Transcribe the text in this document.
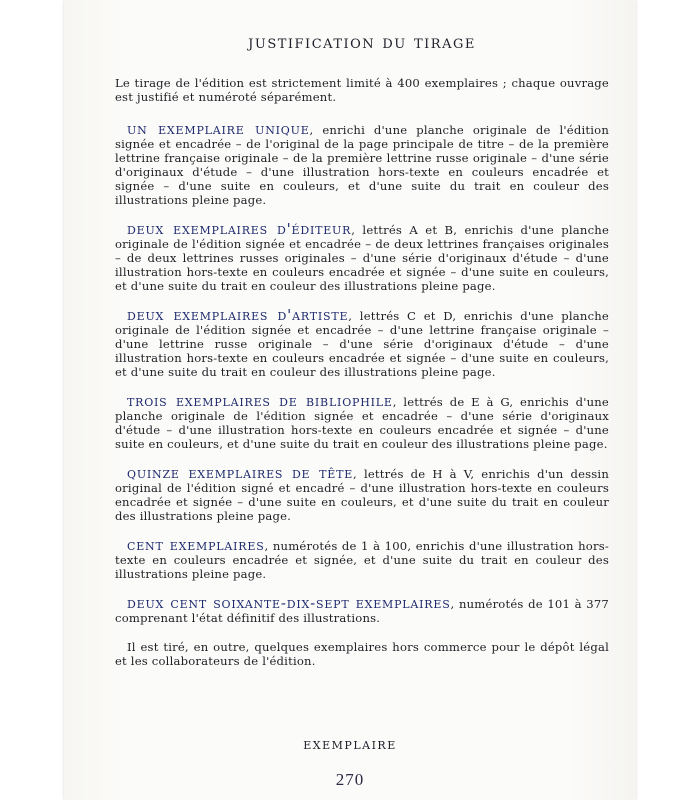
justification du tirage

Le tirage de l'édition est strictement limité à 400 exemplaires ; chaque ouvrage est justifié et numéroté séparément.

un exemplaire unique, enrichi d'une planche originale de l'édition signée et encadrée – de l'original de la page principale de titre – de la première lettrine française originale – de la première lettrine russe originale – d'une série d'originaux d'étude – d'une illustration hors-texte en couleurs encadrée et signée – d'une suite en couleurs, et d'une suite du trait en couleur des illustrations pleine page.

deux exemplaires d'éditeur, lettrés A et B, enrichis d'une planche originale de l'édition signée et encadrée – de deux lettrines françaises originales – de deux lettrines russes originales – d'une série d'originaux d'étude – d'une illustration hors-texte en couleurs encadrée et signée – d'une suite en couleurs, et d'une suite du trait en couleur des illustrations pleine page.

deux exemplaires d'artiste, lettrés C et D, enrichis d'une planche originale de l'édition signée et encadrée – d'une lettrine française originale – d'une lettrine russe originale – d'une série d'originaux d'étude – d'une illustration hors-texte en couleurs encadrée et signée – d'une suite en couleurs, et d'une suite du trait en couleur des illustrations pleine page.

trois exemplaires de bibliophile, lettrés de E à G, enrichis d'une planche originale de l'édition signée et encadrée – d'une série d'originaux d'étude – d'une illustration hors-texte en couleurs encadrée et signée – d'une suite en couleurs, et d'une suite du trait en couleur des illustrations pleine page.

quinze exemplaires de tête, lettrés de H à V, enrichis d'un dessin original de l'édition signé et encadré – d'une illustration hors-texte en couleurs encadrée et signée – d'une suite en couleurs, et d'une suite du trait en couleur des illustrations pleine page.

cent exemplaires, numérotés de 1 à 100, enrichis d'une illustration hors-texte en couleurs encadrée et signée, et d'une suite du trait en couleur des illustrations pleine page.

deux cent soixante-dix-sept exemplaires, numérotés de 101 à 377 comprenant l'état définitif des illustrations.

Il est tiré, en outre, quelques exemplaires hors commerce pour le dépôt légal et les collaborateurs de l'édition.

exemplaire
270
